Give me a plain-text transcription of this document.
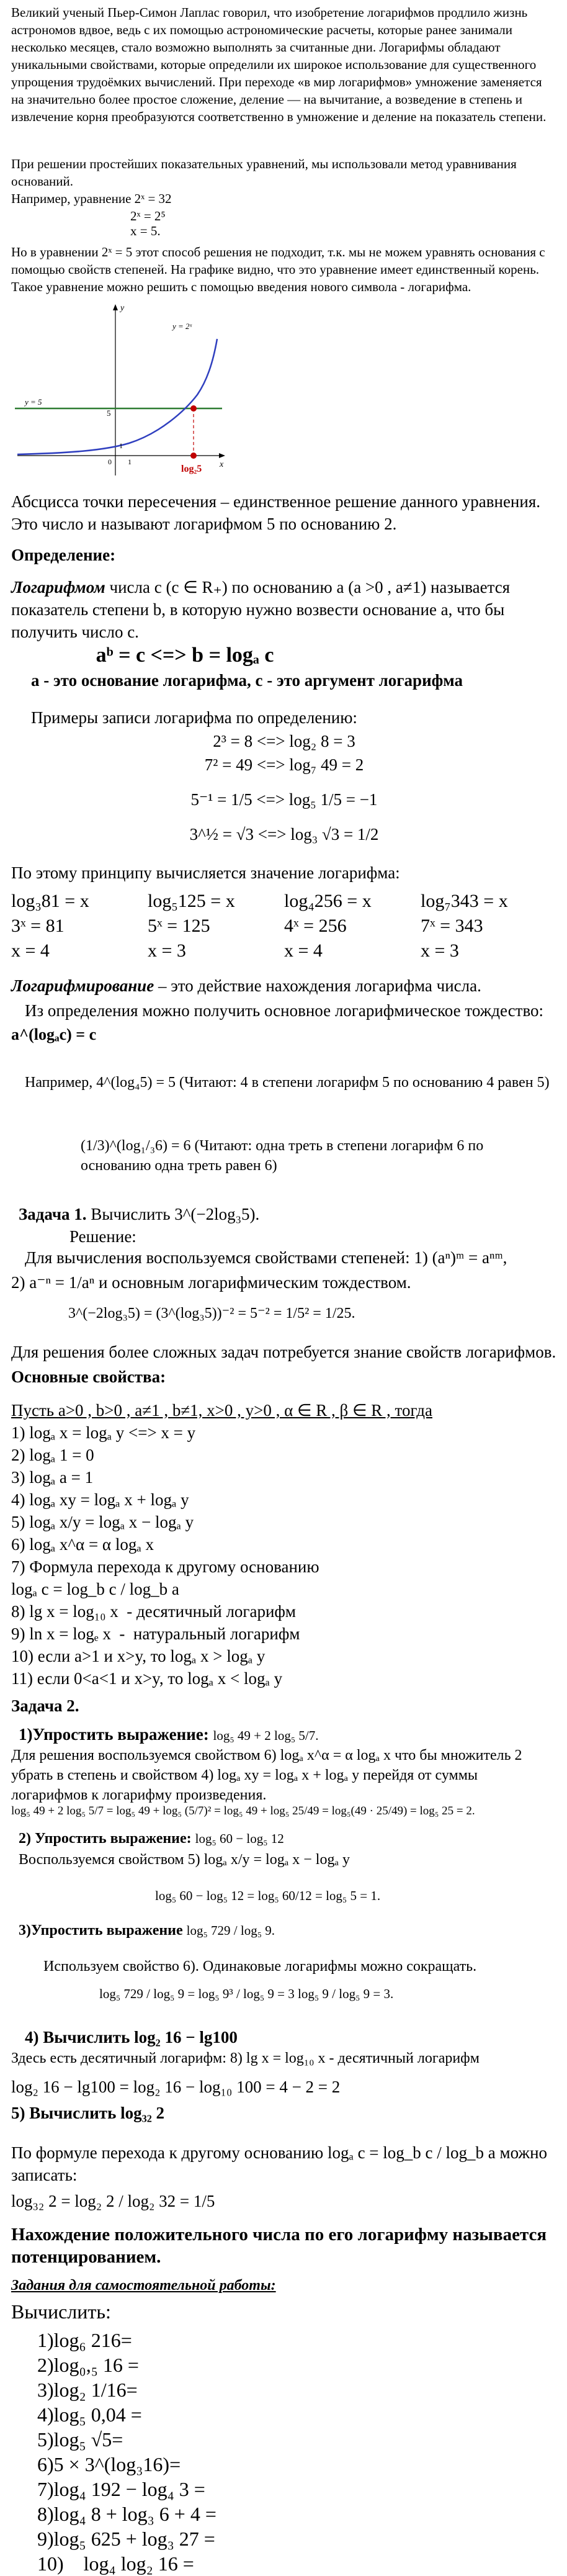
Великий ученый Пьер-Симон Лаплас говорил, что изобретение логарифмов продлило жизнь астрономов вдвое, ведь с их помощью астрономические расчеты, которые ранее занимали несколько месяцев, стало возможно выполнять за считанные дни. Логарифмы обладают уникальными свойствами, которые определили их широкое использование для существенного упрощения трудоёмких вычислений. При переходе «в мир логарифмов» умножение заменяется на значительно более простое сложение, деление — на вычитание, а возведение в степень и извлечение корня преобразуются соответственно в умножение и деление на показатель степени.
При решении простейших показательных уравнений, мы использовали метод уравнивания оснований.
Например, уравнение 2ˣ = 32
2ˣ = 2⁵
x = 5.
Но в уравнении 2ˣ = 5 этот способ решения не подходит, т.к. мы не можем уравнять основания с помощью свойств степеней. На графике видно, что это уравнение имеет единственный корень. Такое уравнение можно решить с помощью введения нового символа - логарифма.
y
x
y = 2ˣ
y = 5
5
1
0 1
log₂5
Абсцисса точки пересечения – единственное решение данного уравнения. Это число и называют логарифмом 5 по основанию 2.
Определение:
Логарифмом числа c (c ∈ R₊) по основанию a (a >0 , a≠1) называется показатель степени b, в которую нужно возвести основание a, что бы получить число c.
aᵇ = c <=> b = logₐ c
a - это основание логарифма, c - это аргумент логарифма
Примеры записи логарифма по определению:
2³ = 8 <=> log₂ 8 = 3
7² = 49 <=> log₇ 49 = 2
5⁻¹ = 1/5 <=> log₅ 1/5 = −1
3^½ = √3 <=> log₃ √3 = 1/2
По этому принципу вычисляется значение логарифма:
log₃81 = x	log₅125 = x	log₄256 = x	log₇343 = x
3ˣ = 81	5ˣ = 125	4ˣ = 256	7ˣ = 343
x = 4	x = 3	x = 4	x = 3
Логарифмирование – это действие нахождения логарифма числа.
Из определения можно получить основное логарифмическое тождество:
a^(logₐc) = c
Например, 4^(log₄5) = 5 (Читают: 4 в степени логарифм 5 по основанию 4 равен 5)
(1/3)^(log₁/₃6) = 6 (Читают: одна треть в степени логарифм 6 по основанию одна треть равен 6)
Задача 1. Вычислить 3^(−2log₃5).
Решение:
Для вычисления воспользуемся свойствами степеней: 1) (aⁿ)ᵐ = aⁿᵐ,
2) a⁻ⁿ = 1/aⁿ и основным логарифмическим тождеством.
3^(−2log₃5) = (3^(log₃5))⁻² = 5⁻² = 1/5² = 1/25.
Для решения более сложных задач потребуется знание свойств логарифмов.
Основные свойства:
Пусть a>0 , b>0 , a≠1 , b≠1, x>0 , y>0 , α ∈ R , β ∈ R , тогда
1) logₐ x = logₐ y <=> x = y
2) logₐ 1 = 0
3) logₐ a = 1
4) logₐ xy = logₐ x + logₐ y
5) logₐ x/y = logₐ x − logₐ y
6) logₐ x^α = α logₐ x
7) Формула перехода к другому основанию
logₐ c = log_b c / log_b a
8) lg x = log₁₀ x  - десятичный логарифм
9) ln x = logₑ x  -  натуральный логарифм
10) если a>1 и x>y, то logₐ x > logₐ y
11) если 0<a<1 и x>y, то logₐ x < logₐ y
Задача 2.
1)Упростить выражение: log₅ 49 + 2 log₅ 5/7.
Для решения воспользуемся свойством 6) logₐ x^α = α logₐ x что бы множитель 2 убрать в степень и свойством 4) logₐ xy = logₐ x + logₐ y перейдя от суммы логарифмов к логарифму произведения.
log₅ 49 + 2 log₅ 5/7 = log₅ 49 + log₅ (5/7)² = log₅ 49 + log₅ 25/49 = log₅(49 · 25/49) = log₅ 25 = 2.
2) Упростить выражение: log₅ 60 − log₅ 12
Воспользуемся свойством 5) logₐ x/y = logₐ x − logₐ y
log₅ 60 − log₅ 12 = log₅ 60/12 = log₅ 5 = 1.
3)Упростить выражение log₅ 729 / log₅ 9.
Используем свойство 6). Одинаковые логарифмы можно сокращать.
log₅ 729 / log₅ 9 = log₅ 9³ / log₅ 9 = 3 log₅ 9 / log₅ 9 = 3.
4) Вычислить log₂ 16 − lg100
Здесь есть десятичный логарифм: 8) lg x = log₁₀ x - десятичный логарифм
log₂ 16 − lg100 = log₂ 16 − log₁₀ 100 = 4 − 2 = 2
5) Вычислить log₃₂ 2
По формуле перехода к другому основанию logₐ c = log_b c / log_b a можно записать:
log₃₂ 2 = log₂ 2 / log₂ 32 = 1/5
Нахождение положительного числа по его логарифму называется потенцированием.
Задания для самостоятельной работы:
Вычислить:
1)log₆ 216=
2)log₀,₅ 16 =
3)log₂ 1/16=
4)log₅ 0,04 =
5)log₅ √5=
6)5 × 3^(log₃16)=
7)log₄ 192 − log₄ 3 =
8)log₄ 8 + log₃ 6 + 4 =
9)log₅ 625 + log₃ 27 =
10)    log₄ log₂ 16 =
